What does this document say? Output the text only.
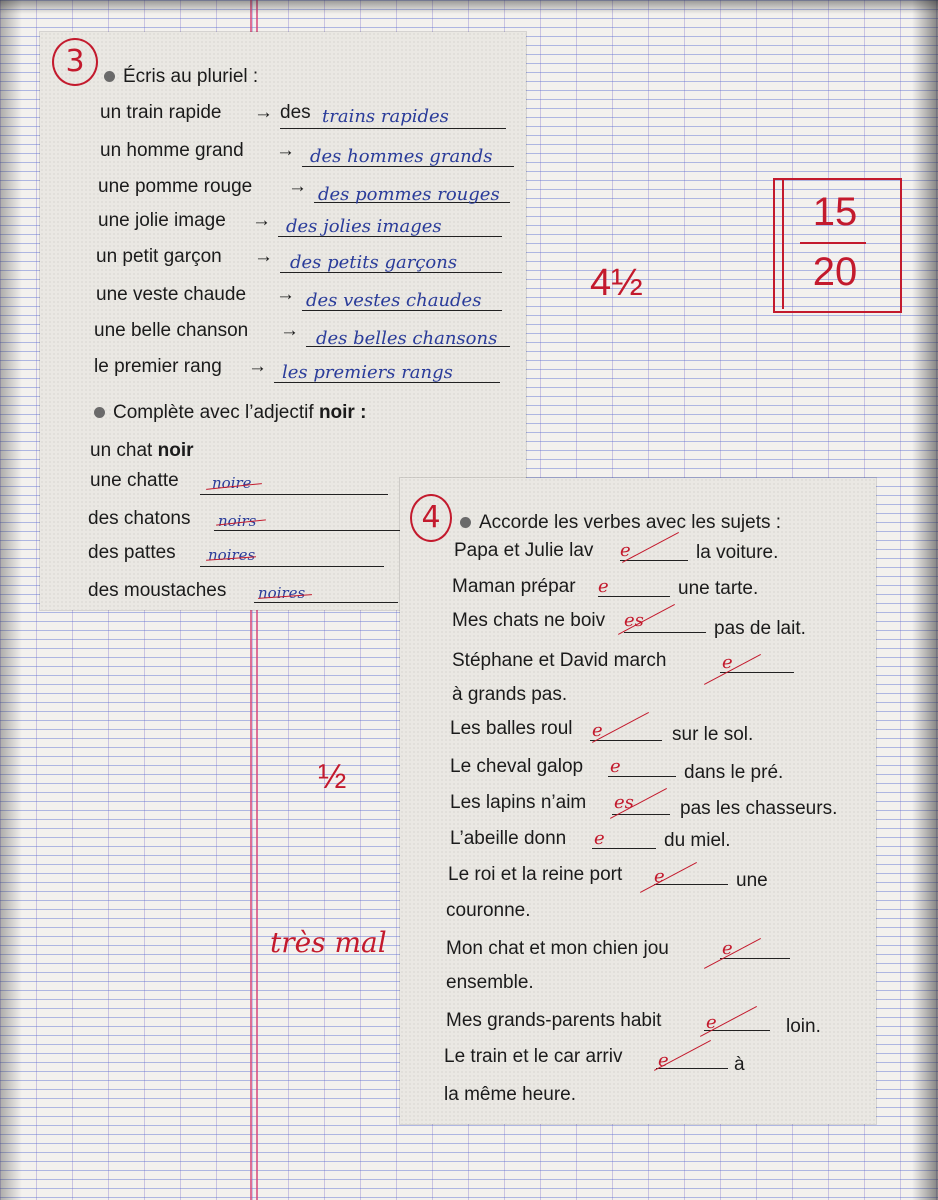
3	Écris au pluriel :
un train rapide → des trains rapides
un homme grand → des hommes grands
une pomme rouge → des pommes rouges
une jolie image → des jolies images
un petit garçon → des petits garçons
une veste chaude → des vestes chaudes
une belle chanson → des belles chansons
le premier rang → les premiers rangs
Complète avec l’adjectif noir :
un chat noir
une chatte noire
des chatons noirs
des pattes noires
des moustaches noires
4½
½
très mal
15
20
4	Accorde les verbes avec les sujets :
Papa et Julie lav e	la voiture.
Maman prépar e	une tarte.
Mes chats ne boiv es	pas de lait.
Stéphane et David march	e
à grands pas.
Les balles roul e	sur le sol.
Le cheval galop e	dans le pré.
Les lapins n’aim es pas les chasseurs.
L’abeille donn e	du miel.
Le roi et la reine port e	une
couronne.
Mon chat et mon chien jou	e
ensemble.
Mes grands-parents habit e	loin.
Le train et le car arriv e	à
la même heure.
